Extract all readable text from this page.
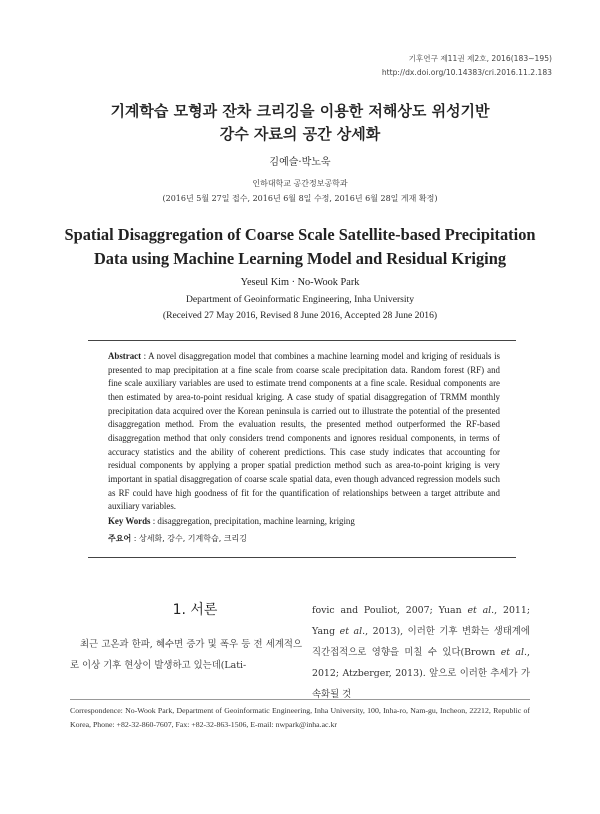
기후연구 제11권 제2호, 2016(183~195)
http://dx.doi.org/10.14383/cri.2016.11.2.183
기계학습 모형과 잔차 크리깅을 이용한 저해상도 위성기반
강수 자료의 공간 상세화
김예슬·박노욱
인하대학교 공간정보공학과
(2016년 5월 27일 접수, 2016년 6월 8일 수정, 2016년 6월 28일 게재 확정)
Spatial Disaggregation of Coarse Scale Satellite-based Precipitation
Data using Machine Learning Model and Residual Kriging
Yeseul Kim · No-Wook Park
Department of Geoinformatic Engineering, Inha University
(Received 27 May 2016, Revised 8 June 2016, Accepted 28 June 2016)
Abstract : A novel disaggregation model that combines a machine learning model and kriging of residuals is presented to map precipitation at a fine scale from coarse scale precipitation data. Random forest (RF) and fine scale auxiliary variables are used to estimate trend components at a fine scale. Residual components are then estimated by area-to-point residual kriging. A case study of spatial disaggregation of TRMM monthly precipitation data acquired over the Korean peninsula is carried out to illustrate the potential of the presented disaggregation method. From the evaluation results, the presented method outperformed the RF-based disaggregation method that only considers trend components and ignores residual components, in terms of accuracy statistics and the ability of coherent predictions. This case study indicates that accounting for residual components by applying a proper spatial prediction method such as area-to-point kriging is very important in spatial disaggregation of coarse scale spatial data, even though advanced regression models such as RF could have high goodness of fit for the quantification of relationships between a target attribute and auxiliary variables.
Key Words : disaggregation, precipitation, machine learning, kriging
주요어 : 상세화, 강수, 기계학습, 크리깅
1. 서론
최근 고온과 한파, 혜수면 증가 및 폭우 등 전 세계적으로 이상 기후 현상이 발생하고 있는데(Lati-
fovic and Pouliot, 2007; Yuan et al., 2011; Yang et al., 2013), 이러한 기후 변화는 생태계에 직간접적으로 영향을 미칠 수 있다(Brown et al., 2012; Atzberger, 2013). 앞으로 이러한 추세가 가속화될 것
Correspondence: No-Wook Park, Department of Geoinformatic Engineering, Inha University, 100, Inha-ro, Nam-gu, Incheon, 22212, Republic of Korea, Phone: +82-32-860-7607, Fax: +82-32-863-1506, E-mail: nwpark@inha.ac.kr
